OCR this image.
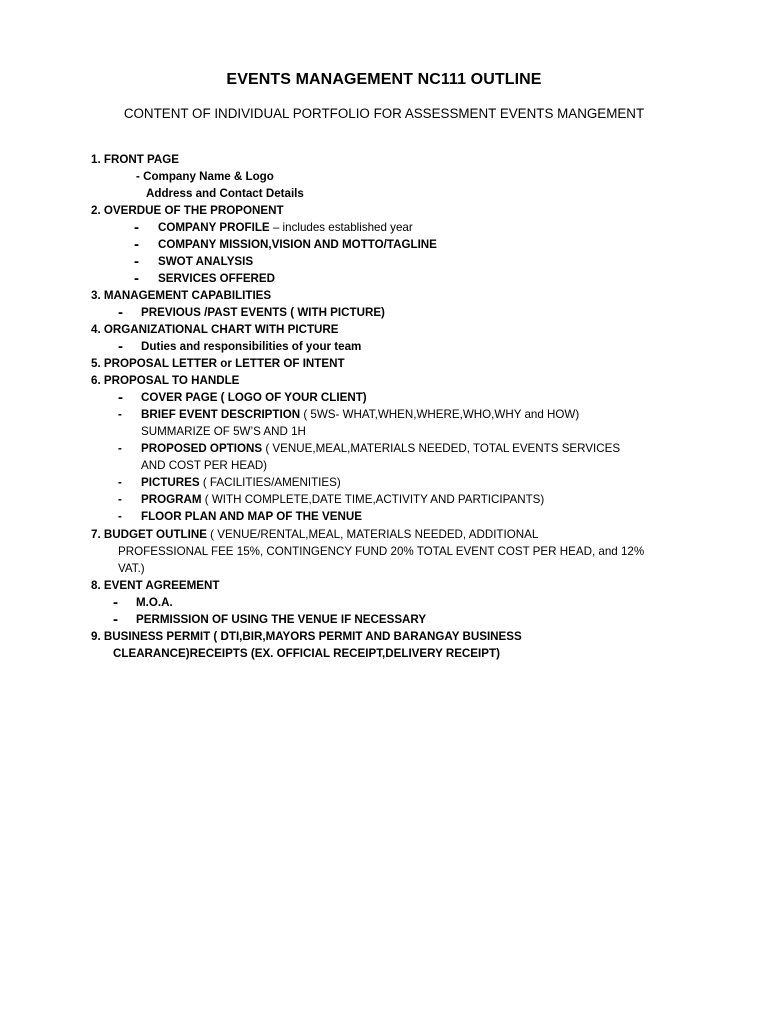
EVENTS MANAGEMENT NC111 OUTLINE
CONTENT OF INDIVIDUAL PORTFOLIO FOR ASSESSMENT EVENTS MANGEMENT
1. FRONT PAGE
- Company Name & Logo
Address and Contact Details
2. OVERDUE OF THE PROPONENT
- COMPANY PROFILE – includes established year
- COMPANY MISSION,VISION AND MOTTO/TAGLINE
- SWOT ANALYSIS
- SERVICES OFFERED
3. MANAGEMENT CAPABILITIES
- PREVIOUS /PAST EVENTS ( WITH PICTURE)
4. ORGANIZATIONAL CHART WITH PICTURE
- Duties and responsibilities of your team
5. PROPOSAL LETTER or LETTER OF INTENT
6. PROPOSAL TO HANDLE
- COVER PAGE ( LOGO OF YOUR CLIENT)
- BRIEF EVENT DESCRIPTION ( 5WS- WHAT,WHEN,WHERE,WHO,WHY and HOW)
SUMMARIZE OF 5W’S AND 1H
- PROPOSED OPTIONS ( VENUE,MEAL,MATERIALS NEEDED, TOTAL EVENTS SERVICES
AND COST PER HEAD)
- PICTURES ( FACILITIES/AMENITIES)
- PROGRAM ( WITH COMPLETE,DATE TIME,ACTIVITY AND PARTICIPANTS)
- FLOOR PLAN AND MAP OF THE VENUE
7. BUDGET OUTLINE ( VENUE/RENTAL,MEAL, MATERIALS NEEDED, ADDITIONAL
PROFESSIONAL FEE 15%, CONTINGENCY FUND 20% TOTAL EVENT COST PER HEAD, and 12%
VAT.)
8. EVENT AGREEMENT
- M.O.A.
- PERMISSION OF USING THE VENUE IF NECESSARY
9. BUSINESS PERMIT ( DTI,BIR,MAYORS PERMIT AND BARANGAY BUSINESS
CLEARANCE)RECEIPTS (EX. OFFICIAL RECEIPT,DELIVERY RECEIPT)
